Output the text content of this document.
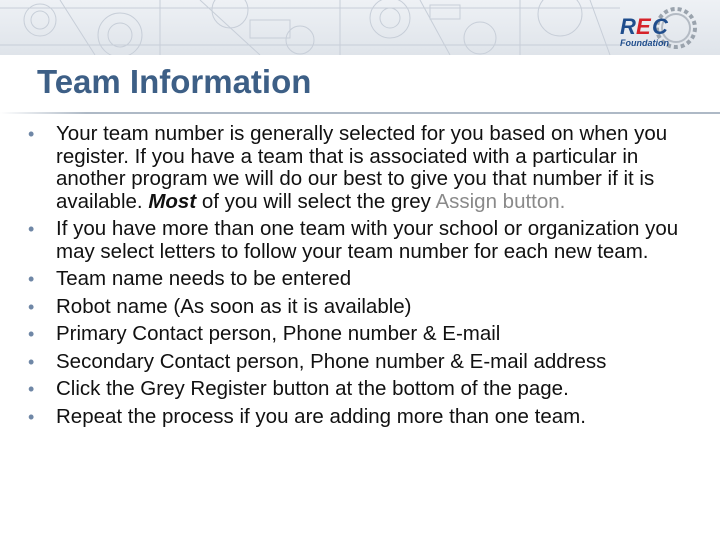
R E C
Foundation
Team Information
• Your team number is generally selected for you based on when you register. If you have a team that is associated with a particular in another program we will do our best to give you that number if it is available. Most of you will select the grey Assign button.
• If you have more than one team with your school or organization you may select letters to follow your team number for each new team.
• Team name needs to be entered
• Robot name (As soon as it is available)
• Primary Contact person, Phone number & E-mail
• Secondary Contact person, Phone number & E-mail address
• Click the Grey Register button at the bottom of the page.
• Repeat the process if you are adding more than one team.
